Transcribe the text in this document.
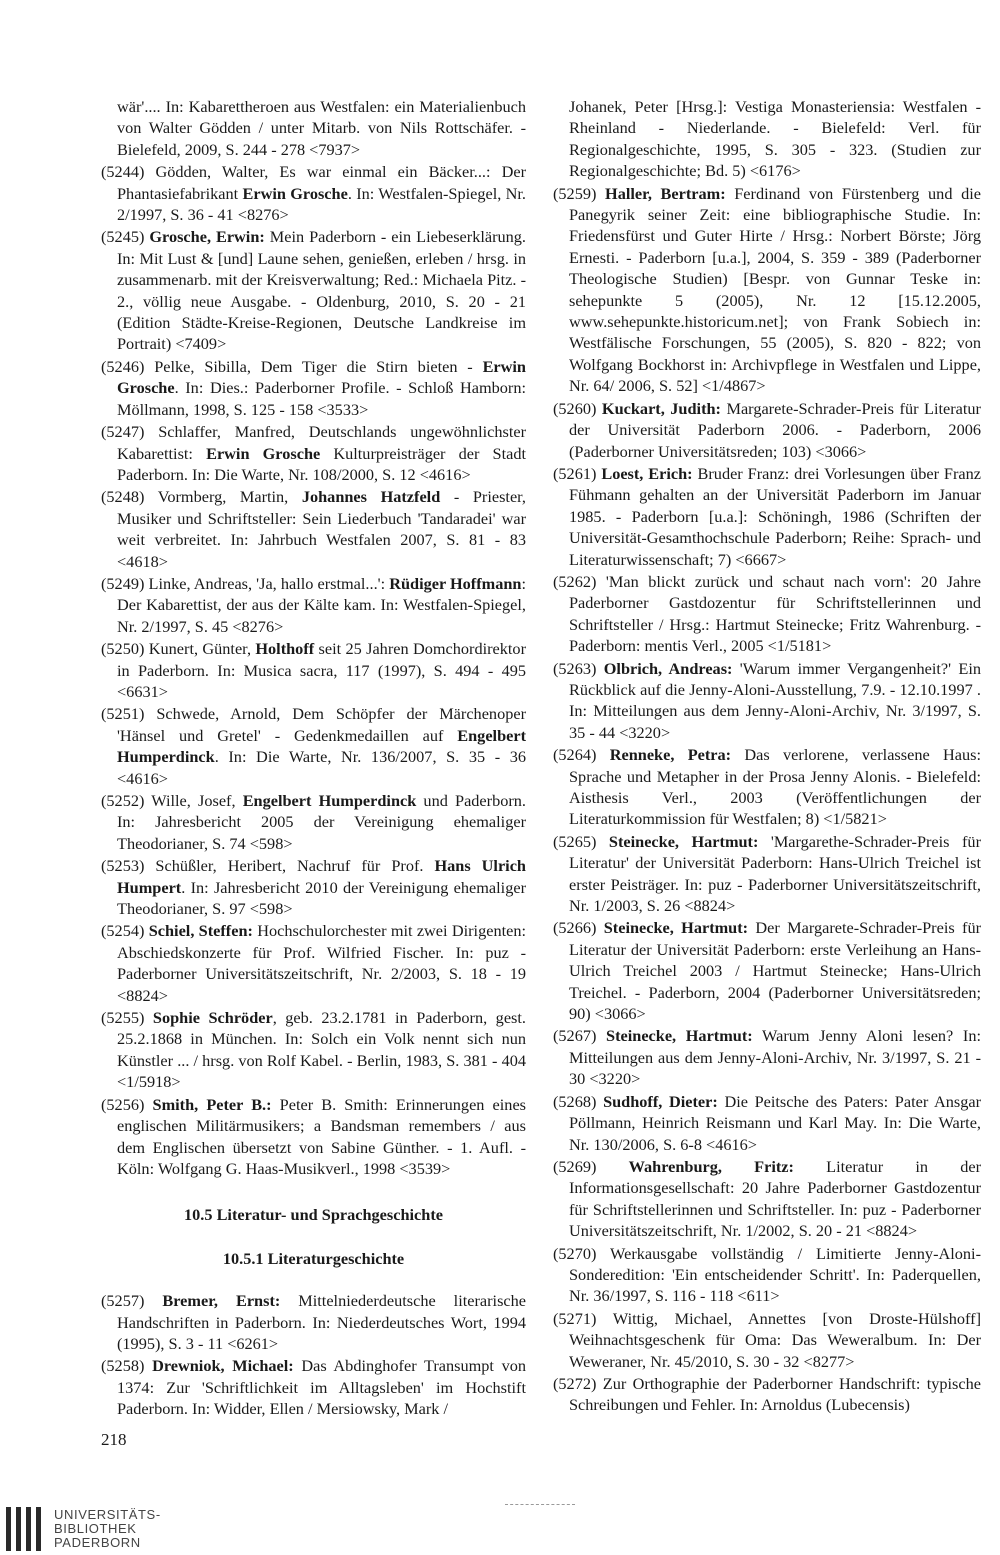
wär'.... In: Kabarettheroen aus Westfalen: ein Materialienbuch von Walter Gödden / unter Mitarb. von Nils Rottschäfer. - Bielefeld, 2009, S. 244 - 278 <7937>
(5244) Gödden, Walter, Es war einmal ein Bäcker...: Der Phantasiefabrikant Erwin Grosche. In: Westfalen-Spiegel, Nr. 2/1997, S. 36 - 41 <8276>
(5245) Grosche, Erwin: Mein Paderborn - ein Liebeserklärung. In: Mit Lust & [und] Laune sehen, genießen, erleben / hrsg. in zusammenarb. mit der Kreisverwaltung; Red.: Michaela Pitz. - 2., völlig neue Ausgabe. - Oldenburg, 2010, S. 20 - 21 (Edition Städte-Kreise-Regionen, Deutsche Landkreise im Portrait) <7409>
(5246) Pelke, Sibilla, Dem Tiger die Stirn bieten - Erwin Grosche. In: Dies.: Paderborner Profile. - Schloß Hamborn: Möllmann, 1998, S. 125 - 158 <3533>
(5247) Schlaffer, Manfred, Deutschlands ungewöhnlichster Kabarettist: Erwin Grosche Kulturpreisträger der Stadt Paderborn. In: Die Warte, Nr. 108/2000, S. 12 <4616>
(5248) Vormberg, Martin, Johannes Hatzfeld - Priester, Musiker und Schriftsteller: Sein Liederbuch 'Tandaradei' war weit verbreitet. In: Jahrbuch Westfalen 2007, S. 81 - 83 <4618>
(5249) Linke, Andreas, 'Ja, hallo erstmal...': Rüdiger Hoffmann: Der Kabarettist, der aus der Kälte kam. In: Westfalen-Spiegel, Nr. 2/1997, S. 45 <8276>
(5250) Kunert, Günter, Holthoff seit 25 Jahren Domchordirektor in Paderborn. In: Musica sacra, 117 (1997), S. 494 - 495 <6631>
(5251) Schwede, Arnold, Dem Schöpfer der Märchenoper 'Hänsel und Gretel' - Gedenkmedaillen auf Engelbert Humperdinck. In: Die Warte, Nr. 136/2007, S. 35 - 36 <4616>
(5252) Wille, Josef, Engelbert Humperdinck und Paderborn. In: Jahresbericht 2005 der Vereinigung ehemaliger Theodorianer, S. 74 <598>
(5253) Schüßler, Heribert, Nachruf für Prof. Hans Ulrich Humpert. In: Jahresbericht 2010 der Vereinigung ehemaliger Theodorianer, S. 97 <598>
(5254) Schiel, Steffen: Hochschulorchester mit zwei Dirigenten: Abschiedskonzerte für Prof. Wilfried Fischer. In: puz - Paderborner Universitätszeitschrift, Nr. 2/2003, S. 18 - 19 <8824>
(5255) Sophie Schröder, geb. 23.2.1781 in Paderborn, gest. 25.2.1868 in München. In: Solch ein Volk nennt sich nun Künstler ... / hrsg. von Rolf Kabel. - Berlin, 1983, S. 381 - 404 <1/5918>
(5256) Smith, Peter B.: Peter B. Smith: Erinnerungen eines englischen Militärmusikers; a Bandsman remembers / aus dem Englischen übersetzt von Sabine Günther. - 1. Aufl. - Köln: Wolfgang G. Haas-Musikverl., 1998 <3539>
10.5 Literatur- und Sprachgeschichte
10.5.1 Literaturgeschichte
(5257) Bremer, Ernst: Mittelniederdeutsche literarische Handschriften in Paderborn. In: Niederdeutsches Wort, 1994 (1995), S. 3 - 11 <6261>
(5258) Drewniok, Michael: Das Abdinghofer Transumpt von 1374: Zur 'Schriftlichkeit im Alltagsleben' im Hochstift Paderborn. In: Widder, Ellen / Mersiowsky, Mark /
Johanek, Peter [Hrsg.]: Vestiga Monasteriensia: Westfalen - Rheinland - Niederlande. - Bielefeld: Verl. für Regionalgeschichte, 1995, S. 305 - 323. (Studien zur Regionalgeschichte; Bd. 5) <6176>
(5259) Haller, Bertram: Ferdinand von Fürstenberg und die Panegyrik seiner Zeit: eine bibliographische Studie. In: Friedensfürst und Guter Hirte / Hrsg.: Norbert Börste; Jörg Ernesti. - Paderborn [u.a.], 2004, S. 359 - 389 (Paderborner Theologische Studien) [Bespr. von Gunnar Teske in: sehepunkte 5 (2005), Nr. 12 [15.12.2005, www.sehepunkte.historicum.net]; von Frank Sobiech in: Westfälische Forschungen, 55 (2005), S. 820 - 822; von Wolfgang Bockhorst in: Archivpflege in Westfalen und Lippe, Nr. 64/ 2006, S. 52] <1/4867>
(5260) Kuckart, Judith: Margarete-Schrader-Preis für Literatur der Universität Paderborn 2006. - Paderborn, 2006 (Paderborner Universitätsreden; 103) <3066>
(5261) Loest, Erich: Bruder Franz: drei Vorlesungen über Franz Fühmann gehalten an der Universität Paderborn im Januar 1985. - Paderborn [u.a.]: Schöningh, 1986 (Schriften der Universität-Gesamthochschule Paderborn; Reihe: Sprach- und Literaturwissenschaft; 7) <6667>
(5262) 'Man blickt zurück und schaut nach vorn': 20 Jahre Paderborner Gastdozentur für Schriftstellerinnen und Schriftsteller / Hrsg.: Hartmut Steinecke; Fritz Wahrenburg. - Paderborn: mentis Verl., 2005 <1/5181>
(5263) Olbrich, Andreas: 'Warum immer Vergangenheit?' Ein Rückblick auf die Jenny-Aloni-Ausstellung, 7.9. - 12.10.1997 . In: Mitteilungen aus dem Jenny-Aloni-Archiv, Nr. 3/1997, S. 35 - 44 <3220>
(5264) Renneke, Petra: Das verlorene, verlassene Haus: Sprache und Metapher in der Prosa Jenny Alonis. - Bielefeld: Aisthesis Verl., 2003 (Veröffentlichungen der Literaturkommission für Westfalen; 8) <1/5821>
(5265) Steinecke, Hartmut: 'Margarethe-Schrader-Preis für Literatur' der Universität Paderborn: Hans-Ulrich Treichel ist erster Peisträger. In: puz - Paderborner Universitätszeitschrift, Nr. 1/2003, S. 26 <8824>
(5266) Steinecke, Hartmut: Der Margarete-Schrader-Preis für Literatur der Universität Paderborn: erste Verleihung an Hans-Ulrich Treichel 2003 / Hartmut Steinecke; Hans-Ulrich Treichel. - Paderborn, 2004 (Paderborner Universitätsreden; 90) <3066>
(5267) Steinecke, Hartmut: Warum Jenny Aloni lesen? In: Mitteilungen aus dem Jenny-Aloni-Archiv, Nr. 3/1997, S. 21 - 30 <3220>
(5268) Sudhoff, Dieter: Die Peitsche des Paters: Pater Ansgar Pöllmann, Heinrich Reismann und Karl May. In: Die Warte, Nr. 130/2006, S. 6-8 <4616>
(5269) Wahrenburg, Fritz: Literatur in der Informationsgesellschaft: 20 Jahre Paderborner Gastdozentur für Schriftstellerinnen und Schriftsteller. In: puz - Paderborner Universitätszeitschrift, Nr. 1/2002, S. 20 - 21 <8824>
(5270) Werkausgabe vollständig / Limitierte Jenny-Aloni-Sonderedition: 'Ein entscheidender Schritt'. In: Paderquellen, Nr. 36/1997, S. 116 - 118 <611>
(5271) Wittig, Michael, Annettes [von Droste-Hülshoff] Weihnachtsgeschenk für Oma: Das Weweralbum. In: Der Weweraner, Nr. 45/2010, S. 30 - 32 <8277>
(5272) Zur Orthographie der Paderborner Handschrift: typische Schreibungen und Fehler. In: Arnoldus (Lubecensis)
218
UNIVERSITÄTS-
BIBLIOTHEK
PADERBORN
